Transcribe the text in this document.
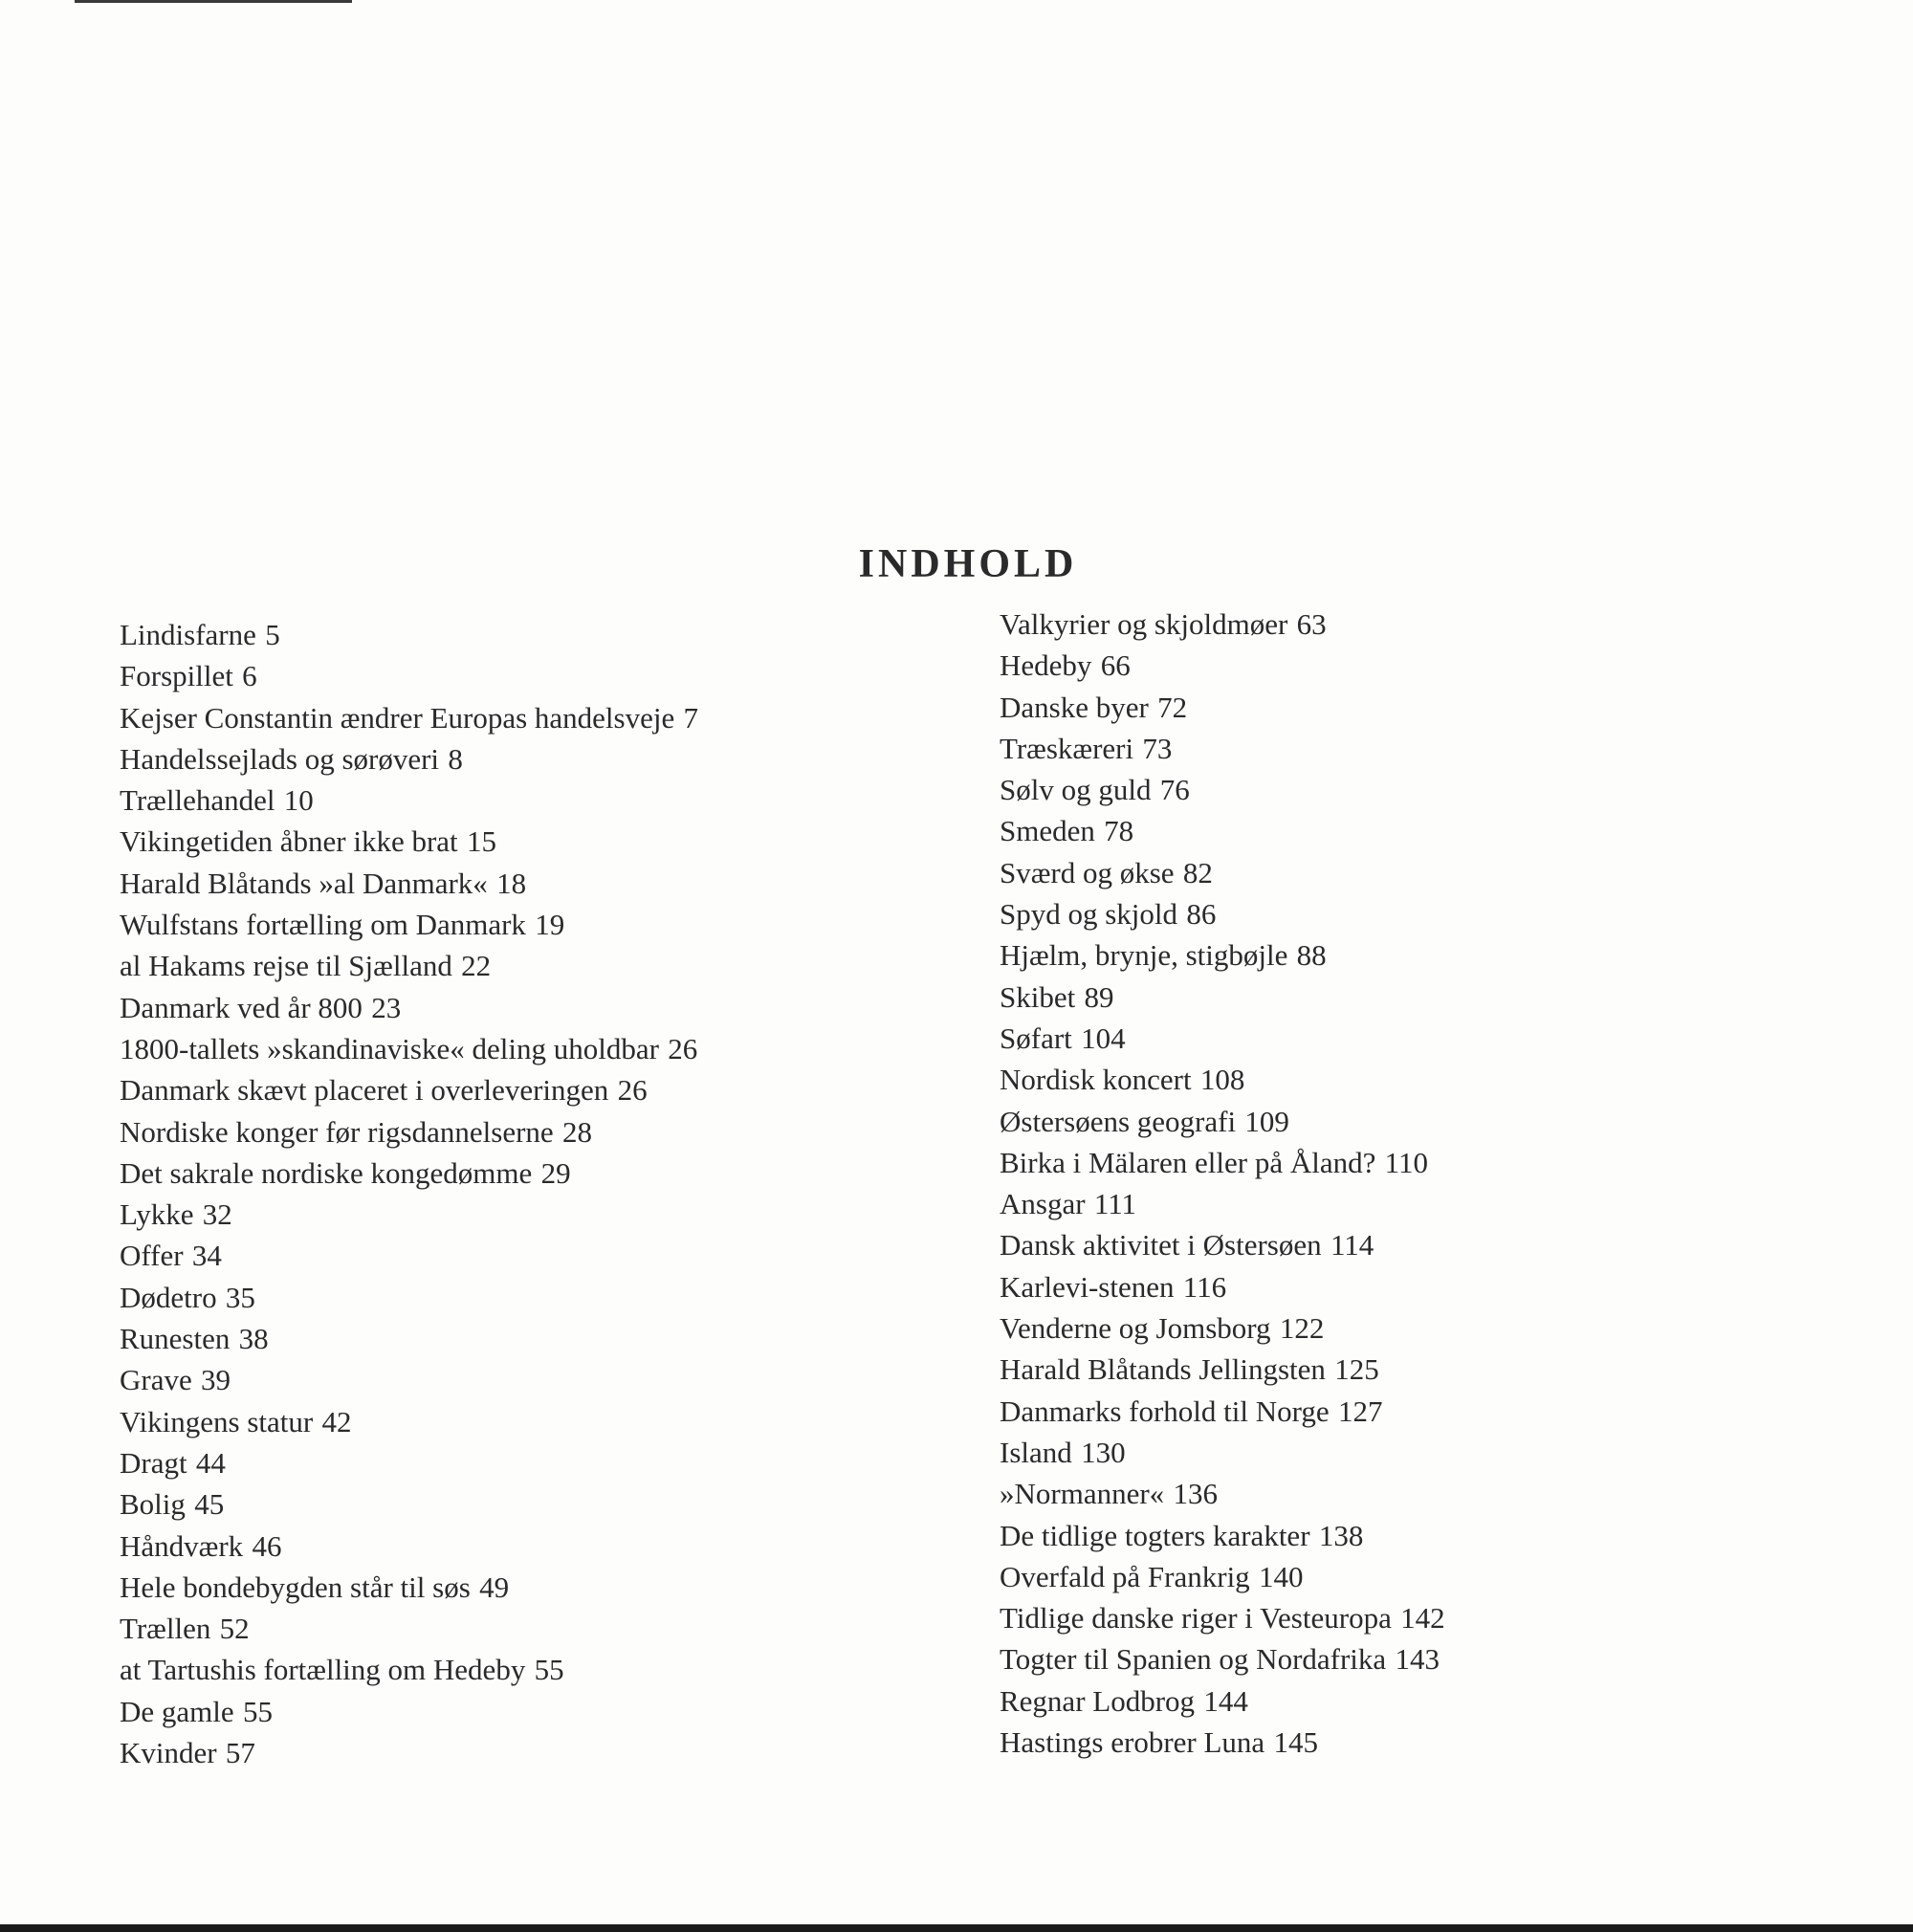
INDHOLD
Lindisfarne 5
Forspillet 6
Kejser Constantin ændrer Europas handelsveje 7
Handelssejlads og sørøveri 8
Trællehandel 10
Vikingetiden åbner ikke brat 15
Harald Blåtands »al Danmark« 18
Wulfstans fortælling om Danmark 19
al Hakams rejse til Sjælland 22
Danmark ved år 800 23
1800-tallets »skandinaviske« deling uholdbar 26
Danmark skævt placeret i overleveringen 26
Nordiske konger før rigsdannelserne 28
Det sakrale nordiske kongedømme 29
Lykke 32
Offer 34
Dødetro 35
Runesten 38
Grave 39
Vikingens statur 42
Dragt 44
Bolig 45
Håndværk 46
Hele bondebygden står til søs 49
Trællen 52
at Tartushis fortælling om Hedeby 55
De gamle 55
Kvinder 57
Valkyrier og skjoldmøer 63
Hedeby 66
Danske byer 72
Træskæreri 73
Sølv og guld 76
Smeden 78
Sværd og økse 82
Spyd og skjold 86
Hjælm, brynje, stigbøjle 88
Skibet 89
Søfart 104
Nordisk koncert 108
Østersøens geografi 109
Birka i Mälaren eller på Åland? 110
Ansgar 111
Dansk aktivitet i Østersøen 114
Karlevi-stenen 116
Venderne og Jomsborg 122
Harald Blåtands Jellingsten 125
Danmarks forhold til Norge 127
Island 130
»Normanner« 136
De tidlige togters karakter 138
Overfald på Frankrig 140
Tidlige danske riger i Vesteuropa 142
Togter til Spanien og Nordafrika 143
Regnar Lodbrog 144
Hastings erobrer Luna 145
